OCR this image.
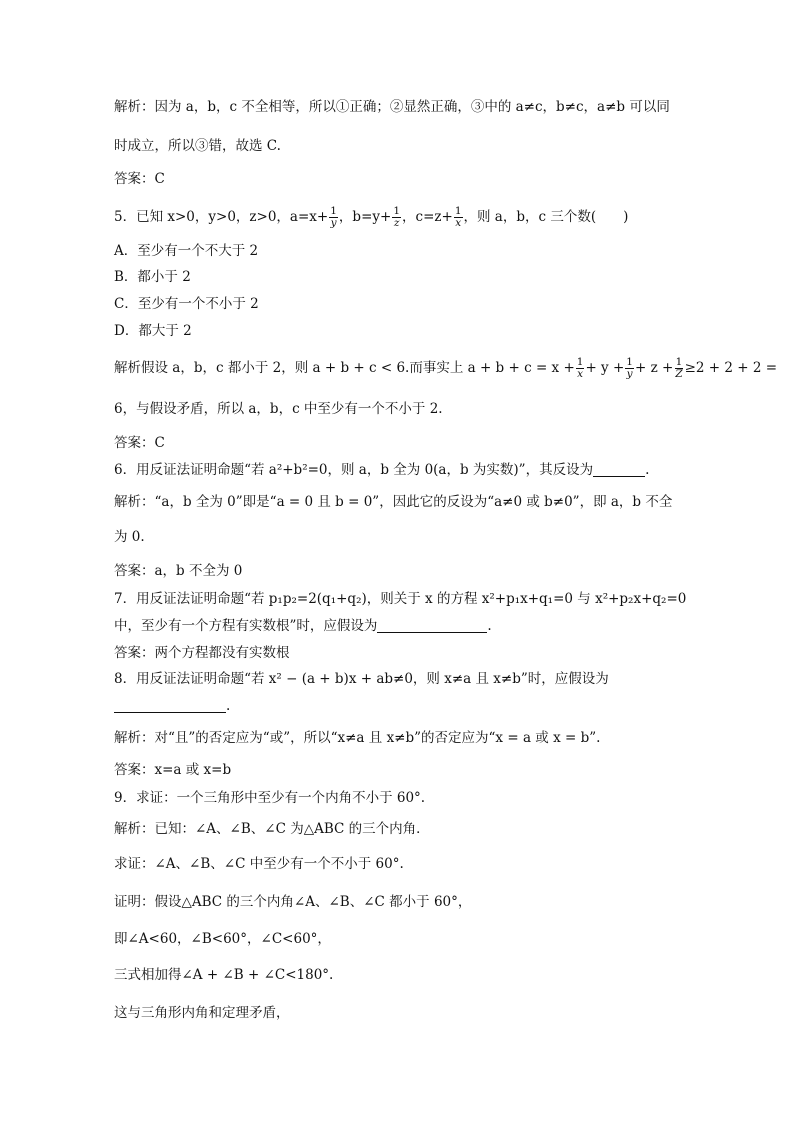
解析：因为 a，b，c 不全相等，所以①正确；②显然正确，③中的 a≠c，b≠c，a≠b 可以同
时成立，所以③错，故选 C.
答案：C
5．已知 x>0，y>0，z>0，$a=x+ \frac{1}{y}$ ，$b=y+ \frac{1}{z}$ ，$c=z+ \frac{1}{x}$ ，则 a，b，c 三个数(　　)
A．至少有一个不大于 2
B．都小于 2
C．至少有一个不小于 2
D．都大于 2
解析假设 a，b，c 都小于 2，则 a + b + c < 6.而事实上 $a + b + c = x + \frac{1}{x} + y + \frac{1}{y} + z + \frac{1}{Z} \ge 2 + 2 + 2$ =
6，与假设矛盾，所以 a，b，c 中至少有一个不小于 2.
答案：C
6．用反证法证明命题“若 a²+b²=0，则 a，b 全为 0(a，b 为实数)”，其反设为	.
解析：“a，b 全为 0”即是“a = 0 且 b = 0”，因此它的反设为“a≠0 或 b≠0”，即 a，b 不全
为 0.
答案：a，b 不全为 0
7．用反证法证明命题“若 p₁p₂=2(q₁+q₂)，则关于 x 的方程 x²+p₁x+q₁=0 与 x²+p₂x+q₂=0
中，至少有一个方程有实数根”时，应假设为	.
答案：两个方程都没有实数根
8．用反证法证明命题“若 x² − (a + b)x + ab≠0，则 x≠a 且 x≠b”时，应假设为
.
解析：对“且”的否定应为“或”，所以“x≠a 且 x≠b”的否定应为“x = a 或 x = b”.
答案：x=a 或 x=b
9．求证：一个三角形中至少有一个内角不小于 60°.
解析：已知：∠A、∠B、∠C 为△ABC 的三个内角．
求证：∠A、∠B、∠C 中至少有一个不小于 60°.
证明：假设△ABC 的三个内角∠A、∠B、∠C 都小于 60°，
即∠A<60，∠B<60°，∠C<60°，
三式相加得∠A + ∠B + ∠C<180°.
这与三角形内角和定理矛盾，
